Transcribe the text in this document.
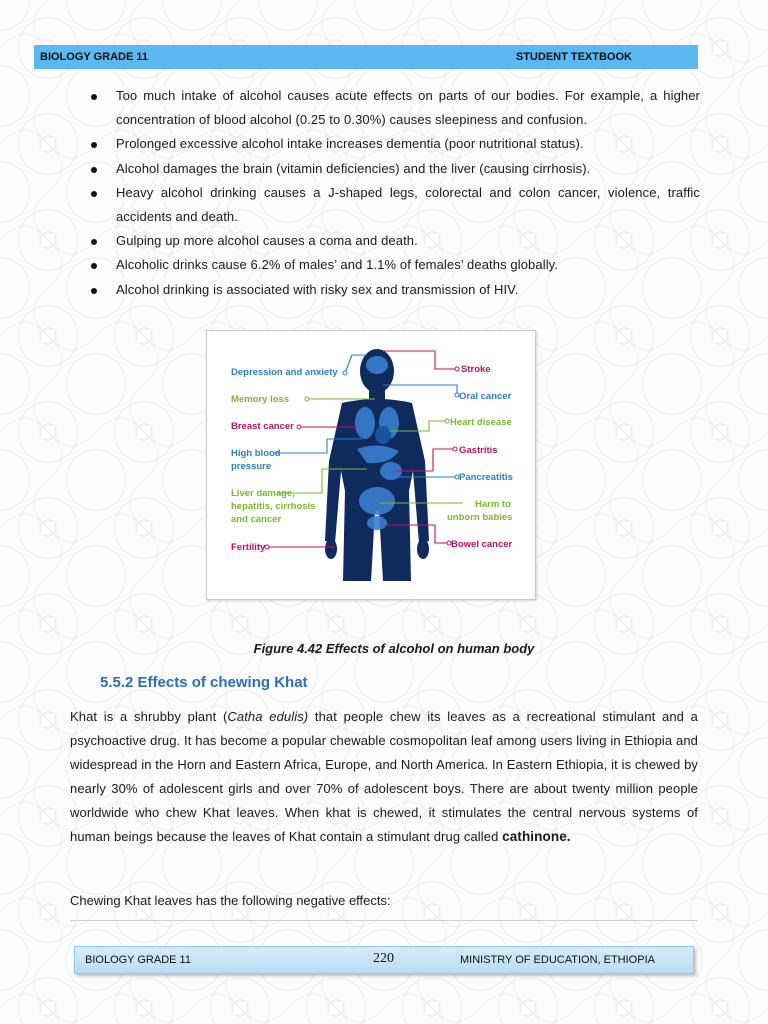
BIOLOGY GRADE 11	STUDENT TEXTBOOK
Too much intake of alcohol causes acute effects on parts of our bodies. For example, a higher concentration of blood alcohol (0.25 to 0.30%) causes sleepiness and confusion.
Prolonged excessive alcohol intake increases dementia (poor nutritional status).
Alcohol damages the brain (vitamin deficiencies) and the liver (causing cirrhosis).
Heavy alcohol drinking causes a J-shaped legs, colorectal and colon cancer, violence, traffic accidents and death.
Gulping up more alcohol causes a coma and death.
Alcoholic drinks cause 6.2% of males’ and 1.1% of females’ deaths globally.
Alcohol drinking is associated with risky sex and transmission of HIV.
Depression and anxiety
Memory loss
Breast cancer
High blood
pressure
Liver damage,
hepatitis, cirrhosis
and cancer
Fertility
Stroke
Oral cancer
Heart disease
Gastritis
Pancreatitis
Harm to
unborn babies
Bowel cancer
Figure 4.42 Effects of alcohol on human body
5.5.2 Effects of chewing Khat

Khat is a shrubby plant (Catha edulis) that people chew its leaves as a recreational stimulant and a psychoactive drug. It has become a popular chewable cosmopolitan leaf among users living in Ethiopia and widespread in the Horn and Eastern Africa, Europe, and North America. In Eastern Ethiopia, it is chewed by nearly 30% of adolescent girls and over 70% of adolescent boys. There are about twenty million people worldwide who chew Khat leaves. When khat is chewed, it stimulates the central nervous systems of human beings because the leaves of Khat contain a stimulant drug called cathinone.

Chewing Khat leaves has the following negative effects:
BIOLOGY GRADE 11	220	MINISTRY OF EDUCATION, ETHIOPIA
